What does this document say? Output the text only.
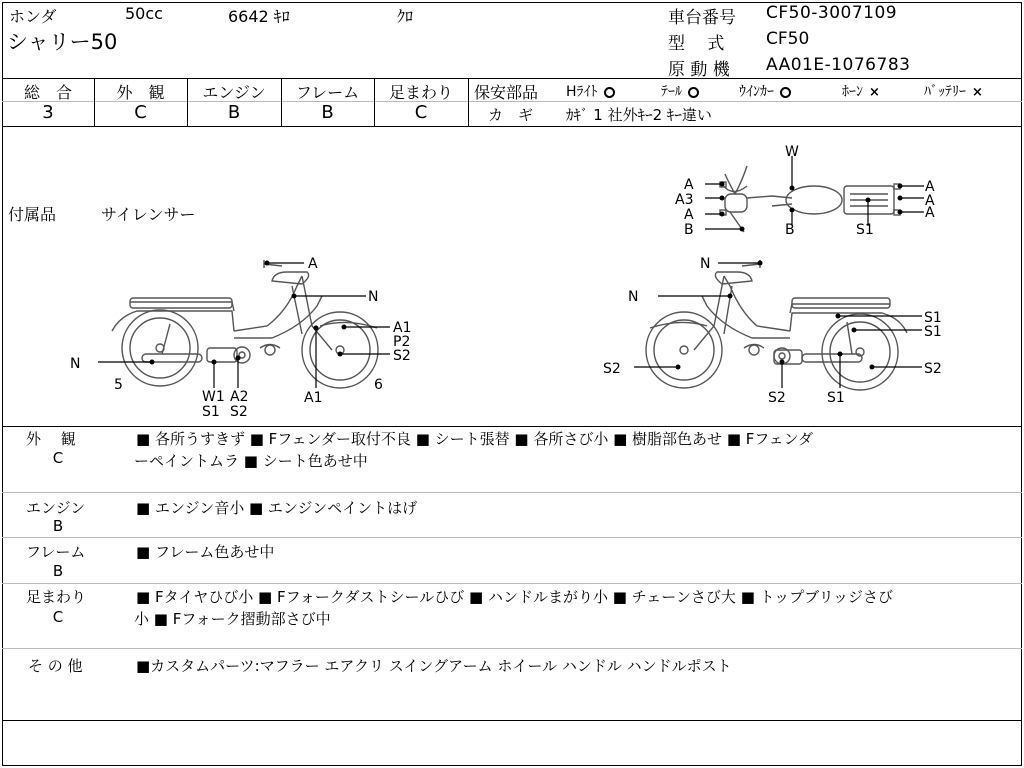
ホンダ	50cc	6642 ｷﾛ	ｸﾛ
シャリー50
車台番号 CF50-3007109
型　 式 CF50
原 動 機 AA01E-1076783
総　合	外　観	エンジン	フレーム	足まわり
3	C	B	B	C
保安部品 Hﾗｲﾄ	ﾃｰﾙ	ｳｲﾝｶｰ	ﾎｰﾝ ×	ﾊﾞｯﾃﾘｰ ×
カ　ギ ｶｷﾞ 1 社外ｷｰ2 ｷｰ違い
付属品	サイレンサー
W
A
A3
A
B	B	S1
A
A
A
A
N
A1
P2
S2
N
5
W1
S1
A2
S2
A1
6
N
N
S1
S1
S2	S2
S2	S1
外　 観
C
■ 各所うすきず ■ Fフェンダー取付不良 ■ シート張替 ■ 各所さび小 ■ 樹脂部色あせ ■ Fフェンダ
ーペイントムラ ■ シート色あせ中
エンジン
B
■ エンジン音小 ■ エンジンペイントはげ
フレーム
B
■ フレーム色あせ中
足まわり
C
■ Fタイヤひび小 ■ Fフォークダストシールひび ■ ハンドルまがり小 ■ チェーンさび大 ■ トップブリッジさび
小 ■ Fフォーク摺動部さび中
そ の 他	■カスタムパーツ:マフラー エアクリ スイングアーム ホイール ハンドル ハンドルポスト
